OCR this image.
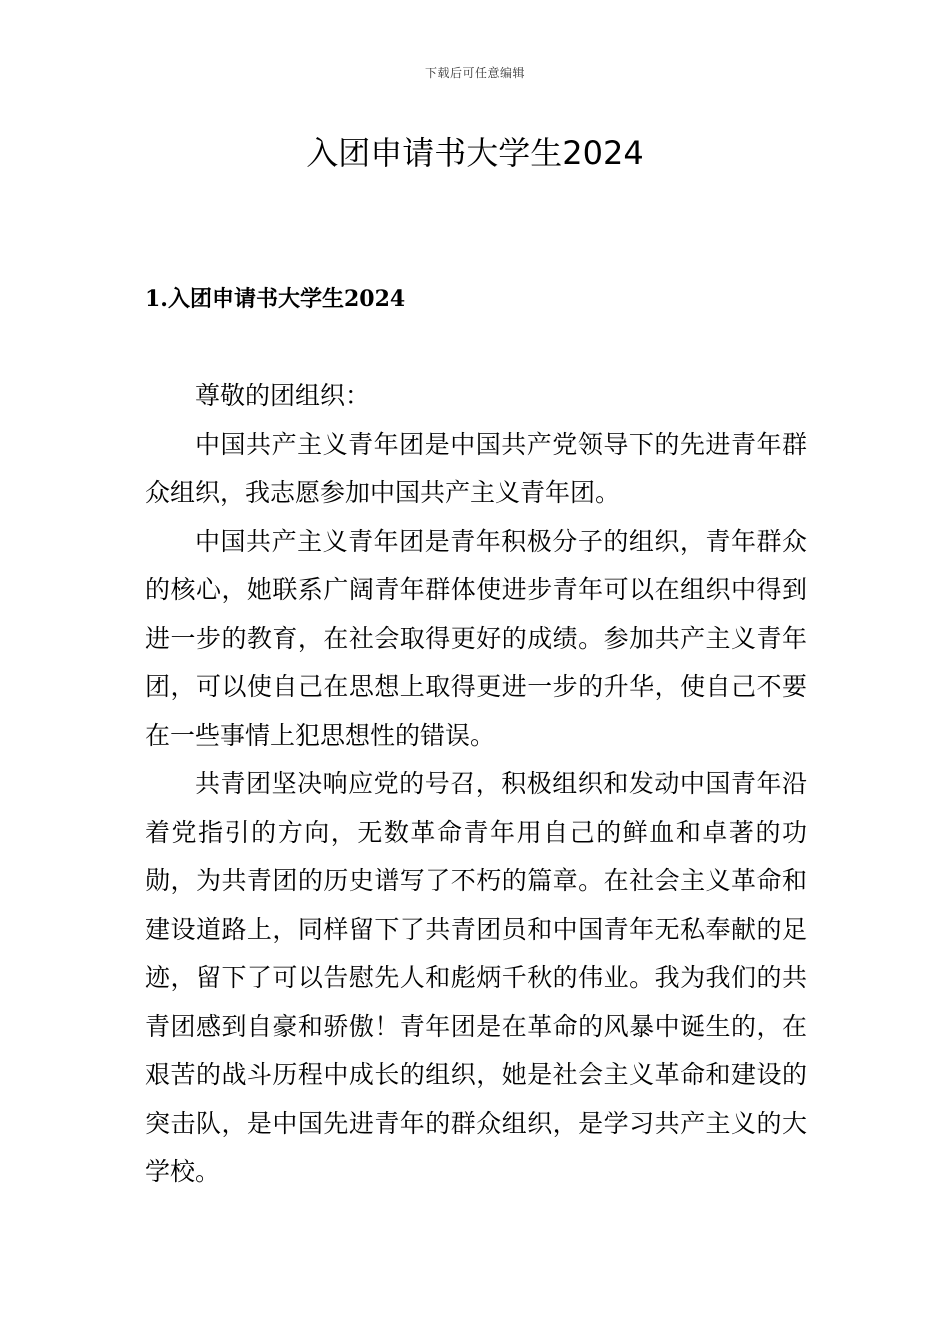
下载后可任意编辑
入团申请书大学生2024
1.入团申请书大学生2024

尊敬的团组织：

中国共产主义青年团是中国共产党领导下的先进青年群众组织，我志愿参加中国共产主义青年团。

中国共产主义青年团是青年积极分子的组织，青年群众的核心，她联系广阔青年群体使进步青年可以在组织中得到进一步的教育，在社会取得更好的成绩。参加共产主义青年团，可以使自己在思想上取得更进一步的升华，使自己不要在一些事情上犯思想性的错误。

共青团坚决响应党的号召，积极组织和发动中国青年沿着党指引的方向，无数革命青年用自己的鲜血和卓著的功勋，为共青团的历史谱写了不朽的篇章。在社会主义革命和建设道路上，同样留下了共青团员和中国青年无私奉献的足迹，留下了可以告慰先人和彪炳千秋的伟业。我为我们的共青团感到自豪和骄傲！青年团是在革命的风暴中诞生的，在艰苦的战斗历程中成长的组织，她是社会主义革命和建设的突击队，是中国先进青年的群众组织，是学习共产主义的大学校。
